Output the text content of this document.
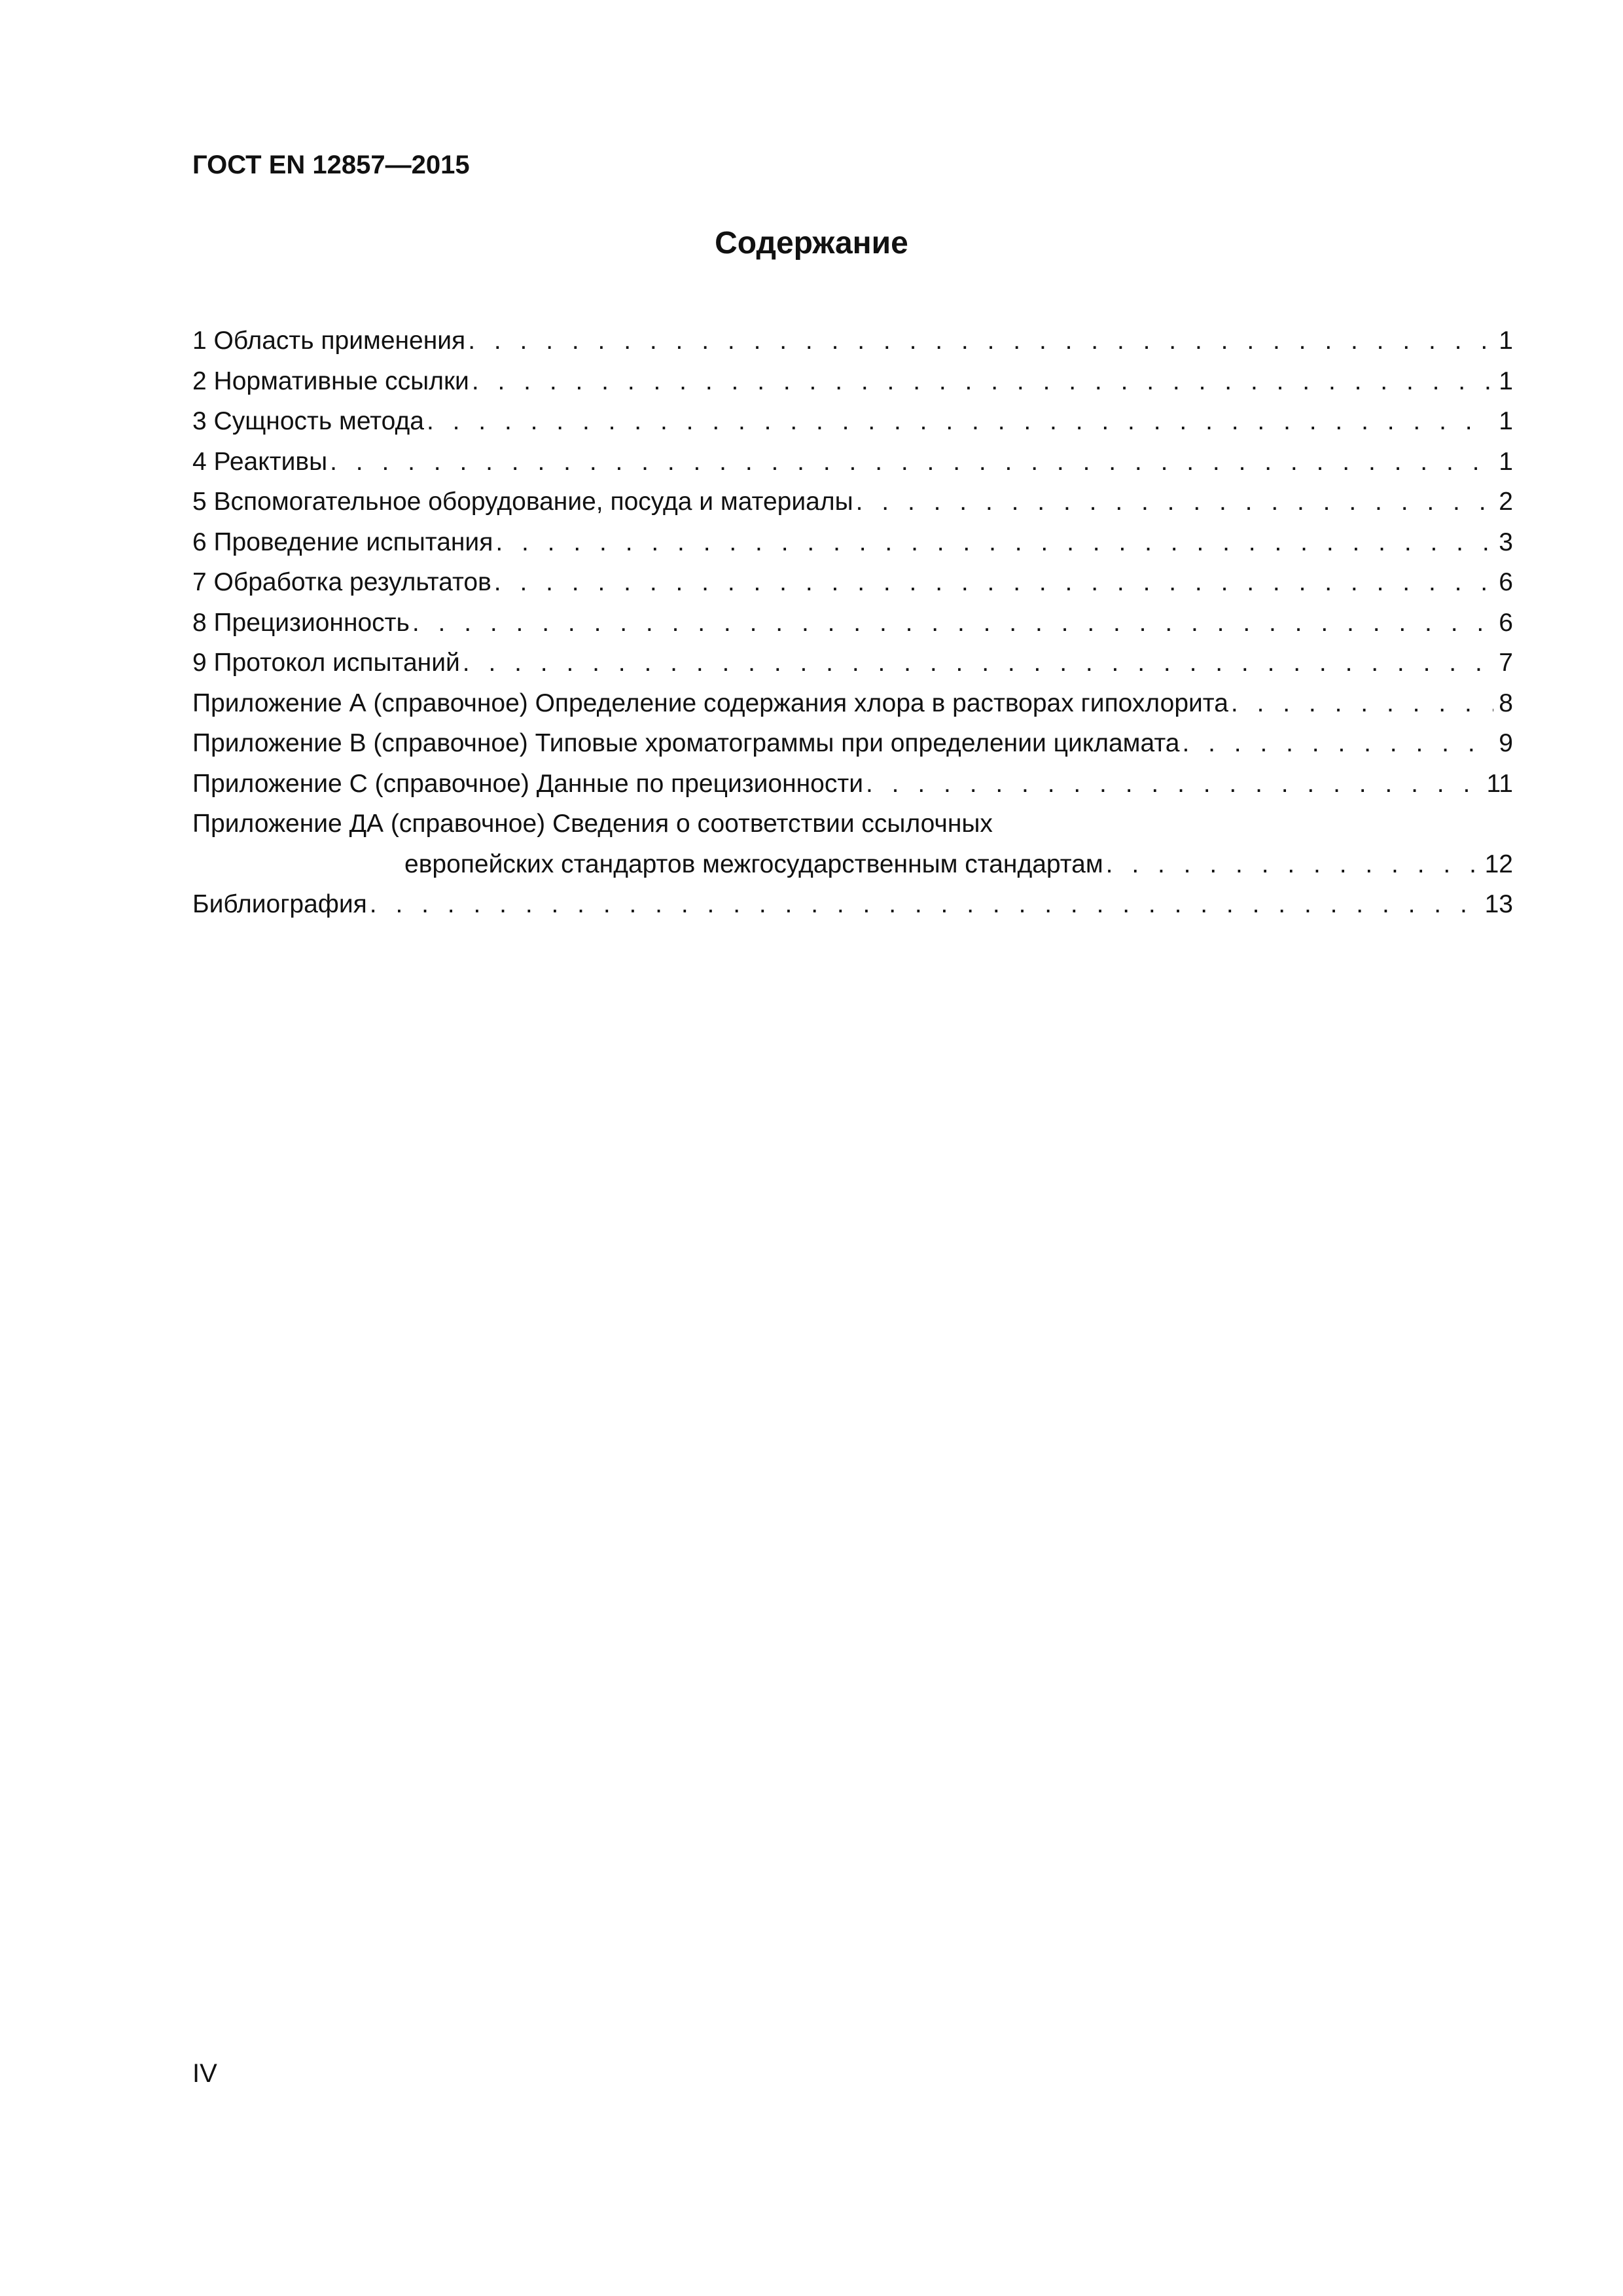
ГОСТ EN 12857—2015
Содержание
1 Область применения . . .	1
2 Нормативные ссылки . . .	1
3 Сущность метода . . .	1
4 Реактивы . . .	1
5 Вспомогательное оборудование, посуда и материалы . . .	2
6 Проведение испытания . . .	3
7 Обработка результатов . . .	6
8 Прецизионность . . .	6
9 Протокол испытаний . . .	7
Приложение А (справочное) Определение содержания хлора в растворах гипохлорита . . .	8
Приложение В (справочное) Типовые хроматограммы при определении цикламата . . .	9
Приложение С (справочное) Данные по прецизионности . . .	11
Приложение ДА (справочное) Сведения о соответствии ссылочных
европейских стандартов межгосударственным стандартам . . .	12
Библиография . . .	13
IV
